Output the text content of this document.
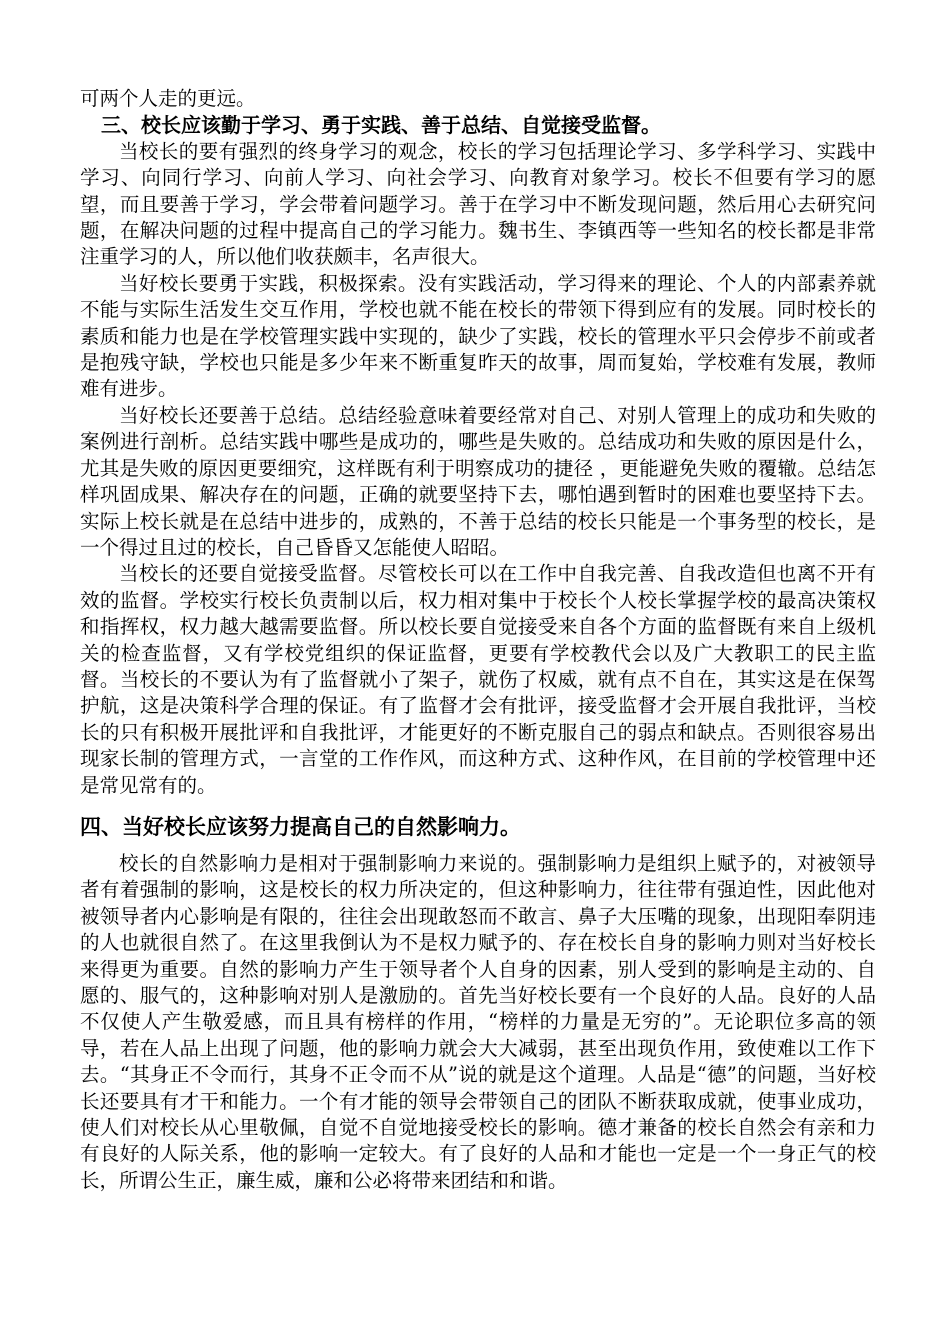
可两个人走的更远。

三、校长应该勤于学习、勇于实践、善于总结、自觉接受监督。

当校长的要有强烈的终身学习的观念，校长的学习包括理论学习、多学科学习、实践中学习、向同行学习、向前人学习、向社会学习、向教育对象学习。校长不但要有学习的愿望，而且要善于学习，学会带着问题学习。善于在学习中不断发现问题，然后用心去研究问题，在解决问题的过程中提高自己的学习能力。魏书生、李镇西等一些知名的校长都是非常注重学习的人，所以他们收获颇丰，名声很大。

当好校长要勇于实践，积极探索。没有实践活动，学习得来的理论、个人的内部素养就不能与实际生活发生交互作用，学校也就不能在校长的带领下得到应有的发展。同时校长的素质和能力也是在学校管理实践中实现的，缺少了实践，校长的管理水平只会停步不前或者是抱残守缺，学校也只能是多少年来不断重复昨天的故事，周而复始，学校难有发展，教师难有进步。

当好校长还要善于总结。总结经验意味着要经常对自己、对别人管理上的成功和失败的案例进行剖析。总结实践中哪些是成功的，哪些是失败的。总结成功和失败的原因是什么，尤其是失败的原因更要细究，这样既有利于明察成功的捷径 ，更能避免失败的覆辙。总结怎样巩固成果、解决存在的问题，正确的就要坚持下去，哪怕遇到暂时的困难也要坚持下去。实际上校长就是在总结中进步的，成熟的，不善于总结的校长只能是一个事务型的校长，是一个得过且过的校长，自己昏昏又怎能使人昭昭。

当校长的还要自觉接受监督。尽管校长可以在工作中自我完善、自我改造但也离不开有效的监督。学校实行校长负责制以后，权力相对集中于校长个人校长掌握学校的最高决策权和指挥权，权力越大越需要监督。所以校长要自觉接受来自各个方面的监督既有来自上级机关的检查监督，又有学校党组织的保证监督，更要有学校教代会以及广大教职工的民主监督。当校长的不要认为有了监督就小了架子，就伤了权威，就有点不自在，其实这是在保驾护航，这是决策科学合理的保证。有了监督才会有批评，接受监督才会开展自我批评，当校长的只有积极开展批评和自我批评，才能更好的不断克服自己的弱点和缺点。否则很容易出现家长制的管理方式，一言堂的工作作风，而这种方式、这种作风，在目前的学校管理中还是常见常有的。

四、当好校长应该努力提高自己的自然影响力。

校长的自然影响力是相对于强制影响力来说的。强制影响力是组织上赋予的，对被领导者有着强制的影响，这是校长的权力所决定的，但这种影响力，往往带有强迫性，因此他对被领导者内心影响是有限的，往往会出现敢怒而不敢言、鼻子大压嘴的现象，出现阳奉阴违的人也就很自然了。在这里我倒认为不是权力赋予的、存在校长自身的影响力则对当好校长来得更为重要。自然的影响力产生于领导者个人自身的因素，别人受到的影响是主动的、自愿的、服气的，这种影响对别人是激励的。首先当好校长要有一个良好的人品。良好的人品不仅使人产生敬爱感，而且具有榜样的作用，“榜样的力量是无穷的”。无论职位多高的领导，若在人品上出现了问题，他的影响力就会大大减弱，甚至出现负作用，致使难以工作下去。“其身正不令而行，其身不正令而不从”说的就是这个道理。人品是“德”的问题，当好校长还要具有才干和能力。一个有才能的领导会带领自己的团队不断获取成就，使事业成功，使人们对校长从心里敬佩，自觉不自觉地接受校长的影响。德才兼备的校长自然会有亲和力有良好的人际关系，他的影响一定较大。有了良好的人品和才能也一定是一个一身正气的校长，所谓公生正，廉生威，廉和公必将带来团结和和谐。
